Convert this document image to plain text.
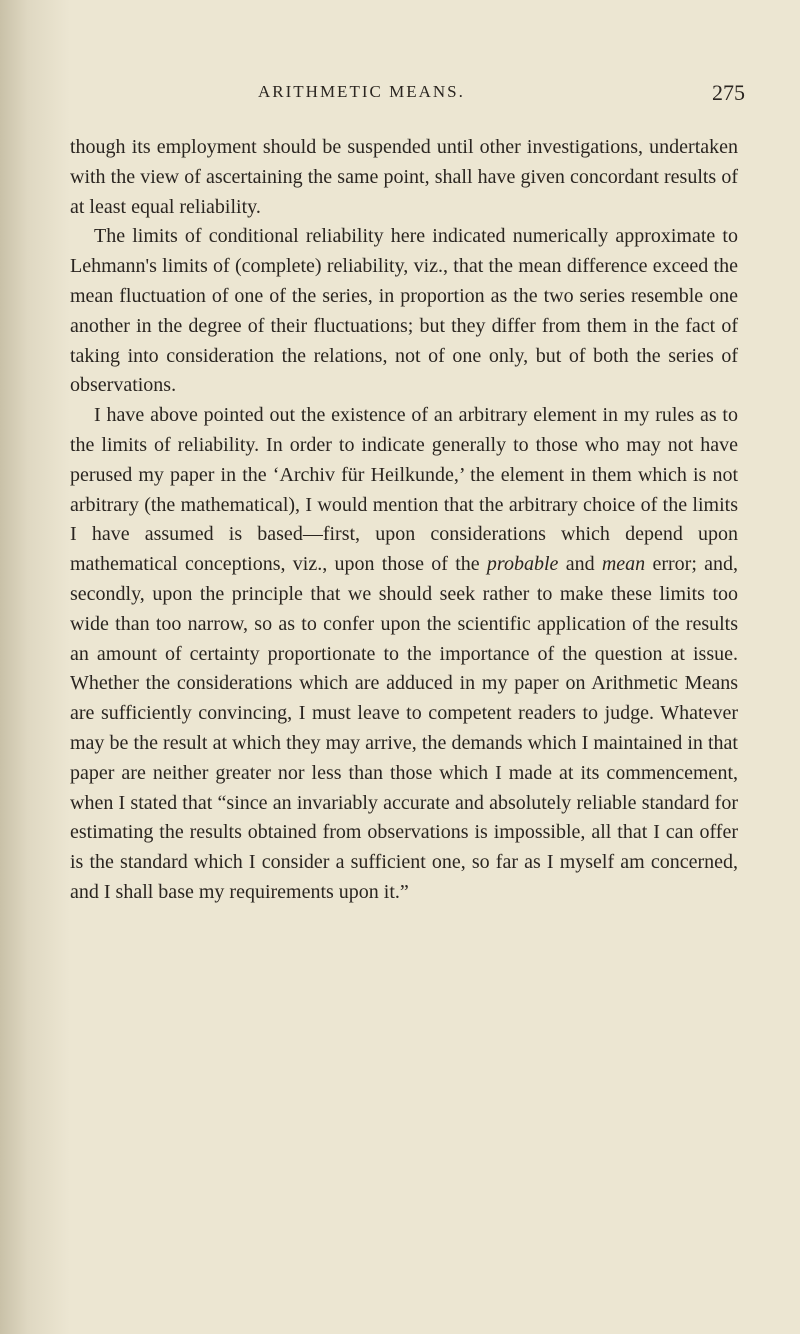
ARITHMETIC MEANS.	275

though its employment should be suspended until other investigations, undertaken with the view of ascertaining the same point, shall have given concordant results of at least equal reliability.

The limits of conditional reliability here indicated numerically approximate to Lehmann's limits of (complete) reliability, viz., that the mean difference exceed the mean fluctuation of one of the series, in proportion as the two series resemble one another in the degree of their fluctuations; but they differ from them in the fact of taking into consideration the relations, not of one only, but of both the series of observations.

I have above pointed out the existence of an arbitrary element in my rules as to the limits of reliability. In order to indicate generally to those who may not have perused my paper in the ‘Archiv für Heilkunde,’ the element in them which is not arbitrary (the mathematical), I would mention that the arbitrary choice of the limits I have assumed is based—first, upon considerations which depend upon mathematical conceptions, viz., upon those of the probable and mean error; and, secondly, upon the principle that we should seek rather to make these limits too wide than too narrow, so as to confer upon the scientific application of the results an amount of certainty proportionate to the importance of the question at issue. Whether the considerations which are adduced in my paper on Arithmetic Means are sufficiently convincing, I must leave to competent readers to judge. Whatever may be the result at which they may arrive, the demands which I maintained in that paper are neither greater nor less than those which I made at its commencement, when I stated that “since an invariably accurate and absolutely reliable standard for estimating the results obtained from observations is impossible, all that I can offer is the standard which I consider a sufficient one, so far as I myself am concerned, and I shall base my requirements upon it.”
